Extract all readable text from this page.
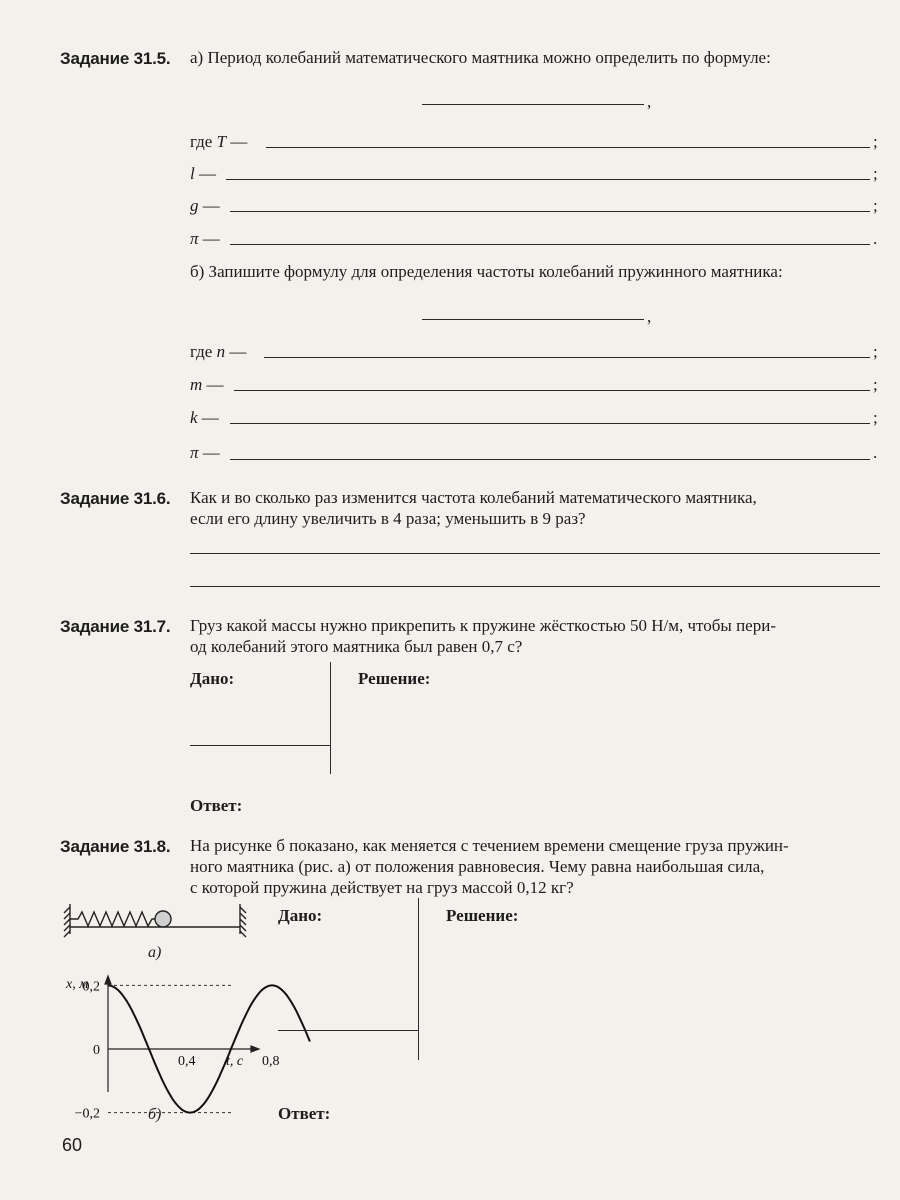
Задание 31.5. а) Период колебаний математического маятника можно определить по формуле:
,
где T —	;
l —	;
g —	;
π —	.
б) Запишите формулу для определения частоты колебаний пружинного маятника:
,
где n —	;
m —	;
k —	;
π —	.
Задание 31.6. Как и во сколько раз изменится частота колебаний математического маятника,
если его длину увеличить в 4 раза; уменьшить в 9 раз?
Задание 31.7. Груз какой массы нужно прикрепить к пружине жёсткостью 50 Н/м, чтобы пери-
од колебаний этого маятника был равен 0,7 с?
Дано:	Решение:
Ответ:
Задание 31.8. На рисунке б показано, как меняется с течением времени смещение груза пружин-
ного маятника (рис. а) от положения равновесия. Чему равна наибольшая сила,
с которой пружина действует на груз массой 0,12 кг?
а)
x, м
0,2
0
−0,2
0,4	0,8
t, c
б)
Дано:	Решение:
Ответ:
60
